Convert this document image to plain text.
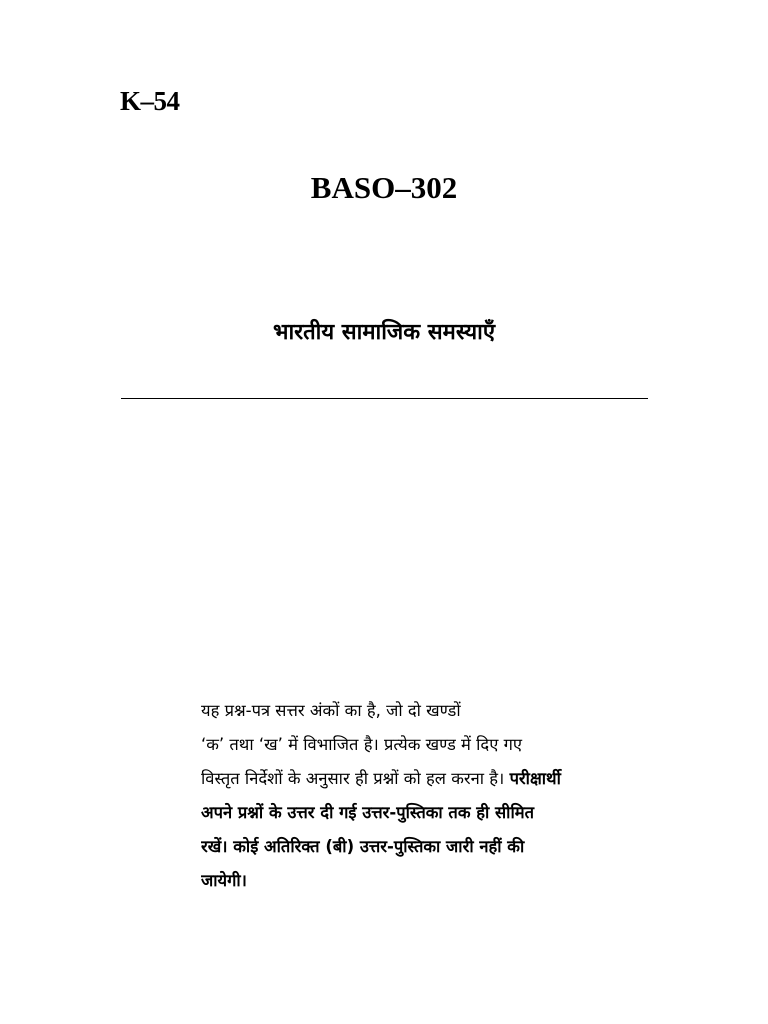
K–54
BASO–302
भारतीय सामाजिक समस्याएँ
यह प्रश्न-पत्र सत्तर अंकों का है, जो दो खण्डों
‘क’ तथा ‘ख’ में विभाजित है। प्रत्येक खण्ड में दिए गए
विस्तृत निर्देशों के अनुसार ही प्रश्नों को हल करना है। परीक्षार्थी
अपने प्रश्नों के उत्तर दी गई उत्तर-पुस्तिका तक ही सीमित
रखें। कोई अतिरिक्त (बी) उत्तर-पुस्तिका जारी नहीं की
जायेगी।
